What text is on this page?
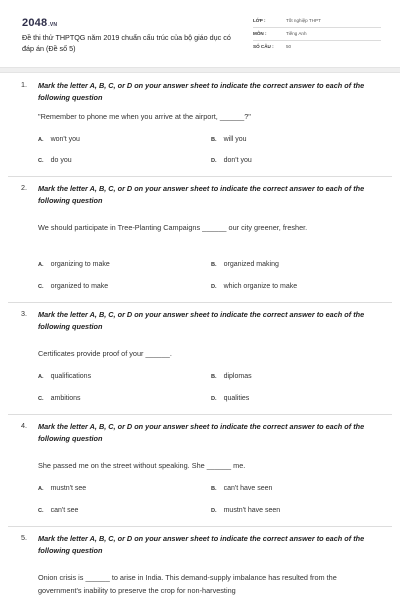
2048.VN
Đề thi thử THPTQG năm 2019 chuẩn cấu trúc của bộ giáo dục có đáp án (Đề số 5)
LỚP :	Tốt nghiệp THPT
MÔN :	Tiếng Anh
SỐ CÂU :	50
1. Mark the letter A, B, C, or D on your answer sheet to indicate the correct answer to each of the following question
"Remember to phone me when you arrive at the airport, ______?"
A. won't you	B. will you
C. do you	D. don't you
2. Mark the letter A, B, C, or D on your answer sheet to indicate the correct answer to each of the following question
We should participate in Tree-Planting Campaigns ______ our city greener, fresher.
A. organizing to make	B. organized making
C. organized to make	D. which organize to make
3. Mark the letter A, B, C, or D on your answer sheet to indicate the correct answer to each of the following question
Certificates provide proof of your ______.
A. qualifications	B. diplomas
C. ambitions	D. qualities
4. Mark the letter A, B, C, or D on your answer sheet to indicate the correct answer to each of the following question
She passed me on the street without speaking. She ______ me.
A. mustn't see	B. can't have seen
C. can't see	D. mustn't have seen
5. Mark the letter A, B, C, or D on your answer sheet to indicate the correct answer to each of the following question
Onion crisis is ______ to arise in India. This demand-supply imbalance has resulted from the government's inability to preserve the crop for non-harvesting
